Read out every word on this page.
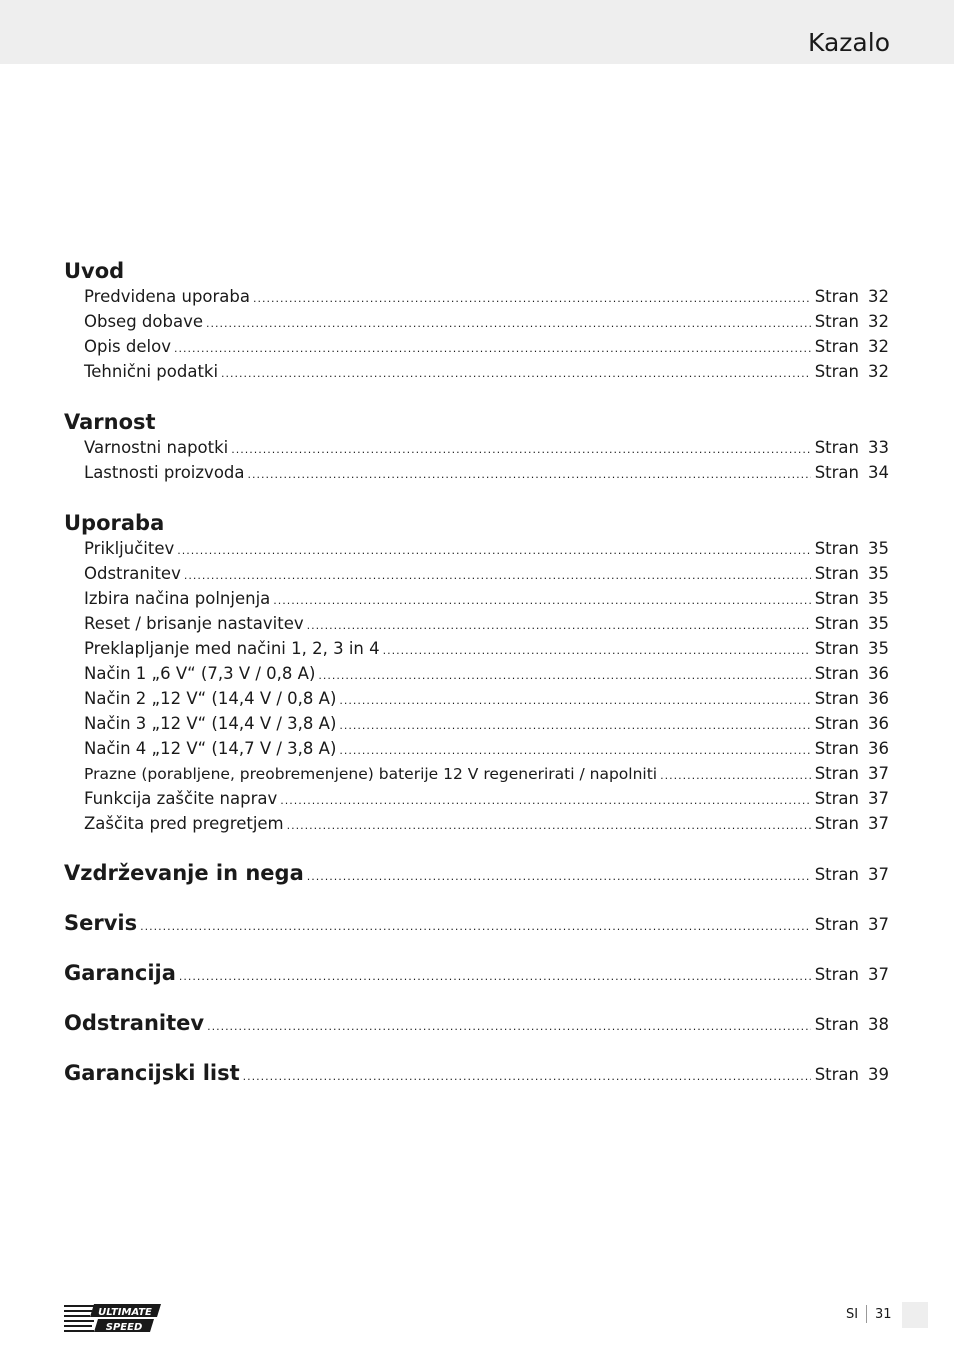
Kazalo
Uvod
Predvidena uporaba .....	Stran 32
Obseg dobave .....	Stran 32
Opis delov .....	Stran 32
Tehnični podatki .....	Stran 32
Varnost
Varnostni napotki .....	Stran 33
Lastnosti proizvoda .....	Stran 34
Uporaba
Priključitev .....	Stran 35
Odstranitev .....	Stran 35
Izbira načina polnjenja .....	Stran 35
Reset / brisanje nastavitev .....	Stran 35
Preklapljanje med načini 1, 2, 3 in 4 .....	Stran 35
Način 1 „6 V“ (7,3 V / 0,8 A) .....	Stran 36
Način 2 „12 V“ (14,4 V / 0,8 A) .....	Stran 36
Način 3 „12 V“ (14,4 V / 3,8 A) .....	Stran 36
Način 4 „12 V“ (14,7 V / 3,8 A) .....	Stran 36
Prazne (porabljene, preobremenjene) baterije 12 V regenerirati / napolniti .....	Stran 37
Funkcija zaščite naprav .....	Stran 37
Zaščita pred pregretjem .....	Stran 37
Vzdrževanje in nega .....	Stran 37
Servis .....	Stran 37
Garancija .....	Stran 37
Odstranitev .....	Stran 38
Garancijski list .....	Stran 39
ULTIMATE
SPEED
SI 31
